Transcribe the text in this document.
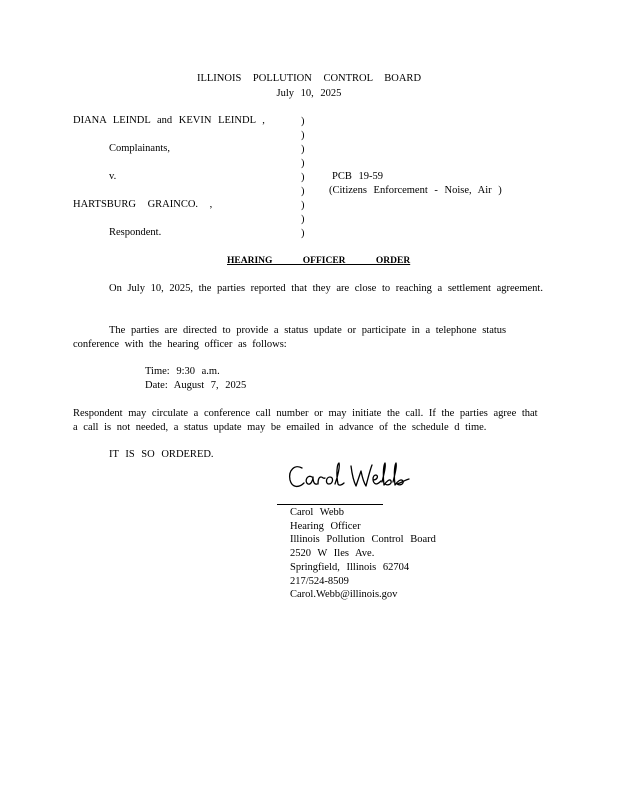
ILLINOIS POLLUTION CONTROL BOARD
July 10, 2025
DIANA LEINDL and KEVIN LEINDL ,
Complainants,
v.
HARTSBURG GRAINCO. ,
Respondent.
)
)
)
)
)
)
)
)
)
PCB 19-59
(Citizens Enforcement - Noise, Air )
HEARING OFFICER ORDER
On July 10, 2025, the parties reported that they are close to reaching a settlement agreement.
The parties are directed to provide a status update or participate in a telephone status conference with the hearing officer as follows:
Time: 9:30 a.m.
Date: August 7, 2025
Respondent may circulate a conference call number or may initiate the call. If the parties agree that a call is not needed, a status update may be emailed in advance of the schedule d time.
IT IS SO ORDERED.
Carol Webb
Hearing Officer
Illinois Pollution Control Board
2520 W Iles Ave.
Springfield, Illinois 62704
217/524-8509
Carol.Webb@illinois.gov
